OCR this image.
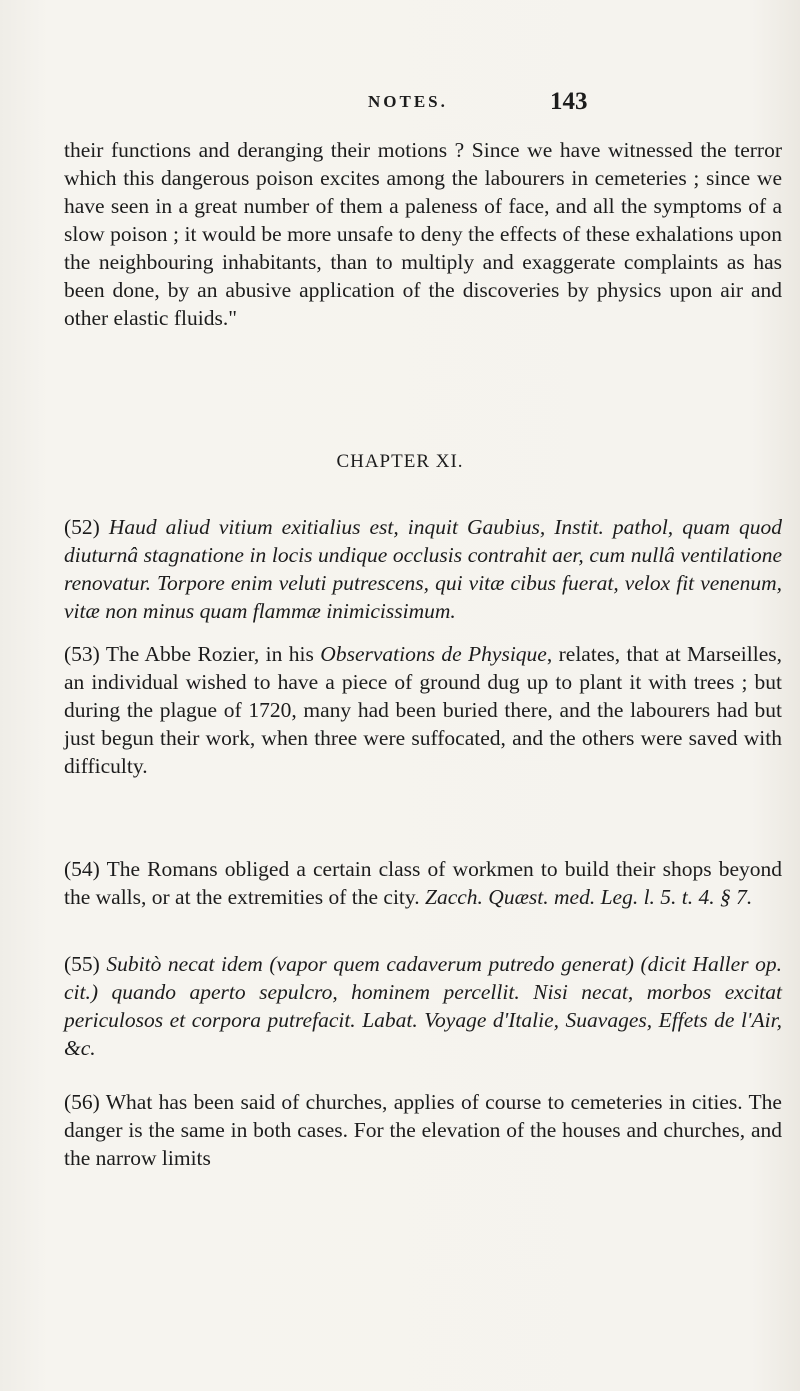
NOTES.	143

their functions and deranging their motions ? Since we have witnessed the terror which this dangerous poison excites among the labourers in cemeteries ; since we have seen in a great number of them a paleness of face, and all the symptoms of a slow poison ; it would be more unsafe to deny the effects of these exhalations upon the neighbouring inhabitants, than to multiply and exaggerate complaints as has been done, by an abusive application of the discoveries by physics upon air and other elastic fluids."

CHAPTER XI.

(52) Haud aliud vitium exitialius est, inquit Gaubius, Instit. pathol, quam quod diuturnâ stagnatione in locis undique occlusis contrahit aer, cum nullâ ventilatione renovatur. Torpore enim veluti putrescens, qui vitæ cibus fuerat, velox fit venenum, vitæ non minus quam flammæ inimicissimum.

(53) The Abbe Rozier, in his Observations de Physique, relates, that at Marseilles, an individual wished to have a piece of ground dug up to plant it with trees ; but during the plague of 1720, many had been buried there, and the labourers had but just begun their work, when three were suffocated, and the others were saved with difficulty.

(54) The Romans obliged a certain class of workmen to build their shops beyond the walls, or at the extremities of the city. Zacch. Quæst. med. Leg. l. 5. t. 4. § 7.

(55) Subitò necat idem (vapor quem cadaverum putredo generat) (dicit Haller op. cit.) quando aperto sepulcro, hominem percellit. Nisi necat, morbos excitat periculosos et corpora putrefacit. Labat. Voyage d'Italie, Suavages, Effets de l'Air, &c.

(56) What has been said of churches, applies of course to cemeteries in cities. The danger is the same in both cases. For the elevation of the houses and churches, and the narrow limits
